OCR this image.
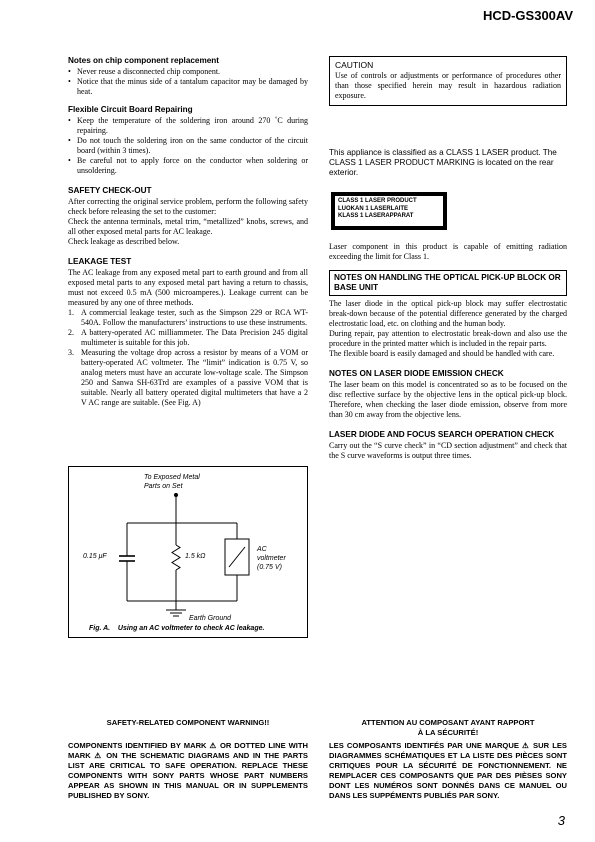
HCD-GS300AV
Notes on chip component replacement
• Never reuse a disconnected chip component.
• Notice that the minus side of a tantalum capacitor may be damaged by heat.
Flexible Circuit Board Repairing
• Keep the temperature of the soldering iron around 270 ˚C during repairing.
• Do not touch the soldering iron on the same conductor of the circuit board (within 3 times).
• Be careful not to apply force on the conductor when soldering or unsoldering.
SAFETY CHECK-OUT

After correcting the original service problem, perform the following safety check before releasing the set to the customer:

Check the antenna terminals, metal trim, “metallized” knobs, screws, and all other exposed metal parts for AC leakage.

Check leakage as described below.

LEAKAGE TEST

The AC leakage from any exposed metal part to earth ground and from all exposed metal parts to any exposed metal part having a return to chassis, must not exceed 0.5 mA (500 microamperes.). Leakage current can be measured by any one of three methods.

1. A commercial leakage tester, such as the Simpson 229 or RCA WT-540A. Follow the manufacturers’ instructions to use these instruments.
2. A battery-operated AC milliammeter. The Data Precision 245 digital multimeter is suitable for this job.
3. Measuring the voltage drop across a resistor by means of a VOM or battery-operated AC voltmeter. The “limit” indication is 0.75 V, so analog meters must have an accurate low-voltage scale. The Simpson 250 and Sanwa SH-63Trd are examples of a passive VOM that is suitable. Nearly all battery operated digital multimeters that have a 2 V AC range are suitable. (See Fig. A)
To Exposed Metal
Parts on Set
0.15 μF	1.5 kΩ
AC
voltmeter
(0.75 V)
Earth Ground
Fig. A.    Using an AC voltmeter to check AC leakage.
CAUTION

Use of controls or adjustments or performance of procedures other than those specified herein may result in hazardous radiation exposure.

This appliance is classified as a CLASS 1 LASER product. The CLASS 1 LASER PRODUCT MARKING is located on the rear exterior.

CLASS 1 LASER PRODUCT
LUOKAN 1 LASERLAITE
KLASS 1 LASERAPPARAT

Laser component in this product is capable of emitting radiation exceeding the limit for Class 1.

NOTES ON HANDLING THE OPTICAL PICK-UP BLOCK OR BASE UNIT

The laser diode in the optical pick-up block may suffer electrostatic break-down because of the potential difference generated by the charged electrostatic load, etc. on clothing and the human body.

During repair, pay attention to electrostatic break-down and also use the procedure in the printed matter which is included in the repair parts.

The flexible board is easily damaged and should be handled with care.

NOTES ON LASER DIODE EMISSION CHECK

The laser beam on this model is concentrated so as to be focused on the disc reflective surface by the objective lens in the optical pick-up block. Therefore, when checking the laser diode emission, observe from more than 30 cm away from the objective lens.

LASER DIODE AND FOCUS SEARCH OPERATION CHECK

Carry out the “S curve check” in “CD section adjustment” and check that the S curve waveforms is output three times.

SAFETY-RELATED COMPONENT WARNING!!
COMPONENTS IDENTIFIED BY MARK ⚠ OR DOTTED LINE WITH MARK ⚠ ON THE SCHEMATIC DIAGRAMS AND IN THE PARTS LIST ARE CRITICAL TO SAFE OPERATION. REPLACE THESE COMPONENTS WITH SONY PARTS WHOSE PART NUMBERS APPEAR AS SHOWN IN THIS MANUAL OR IN SUPPLEMENTS PUBLISHED BY SONY.
ATTENTION AU COMPOSANT AYANT RAPPORT
À LA SÉCURITÉ!
LES COMPOSANTS IDENTIFÉS PAR UNE MARQUE ⚠ SUR LES DIAGRAMMES SCHÉMATIQUES ET LA LISTE DES PIÈCES SONT CRITIQUES POUR LA SÉCURITÉ DE FONCTIONNEMENT. NE REMPLACER CES COMPOSANTS QUE PAR DES PIÈSES SONY DONT LES NUMÉROS SONT DONNÉS DANS CE MANUEL OU DANS LES SUPPÉMENTS PUBLIÉS PAR SONY.
3
